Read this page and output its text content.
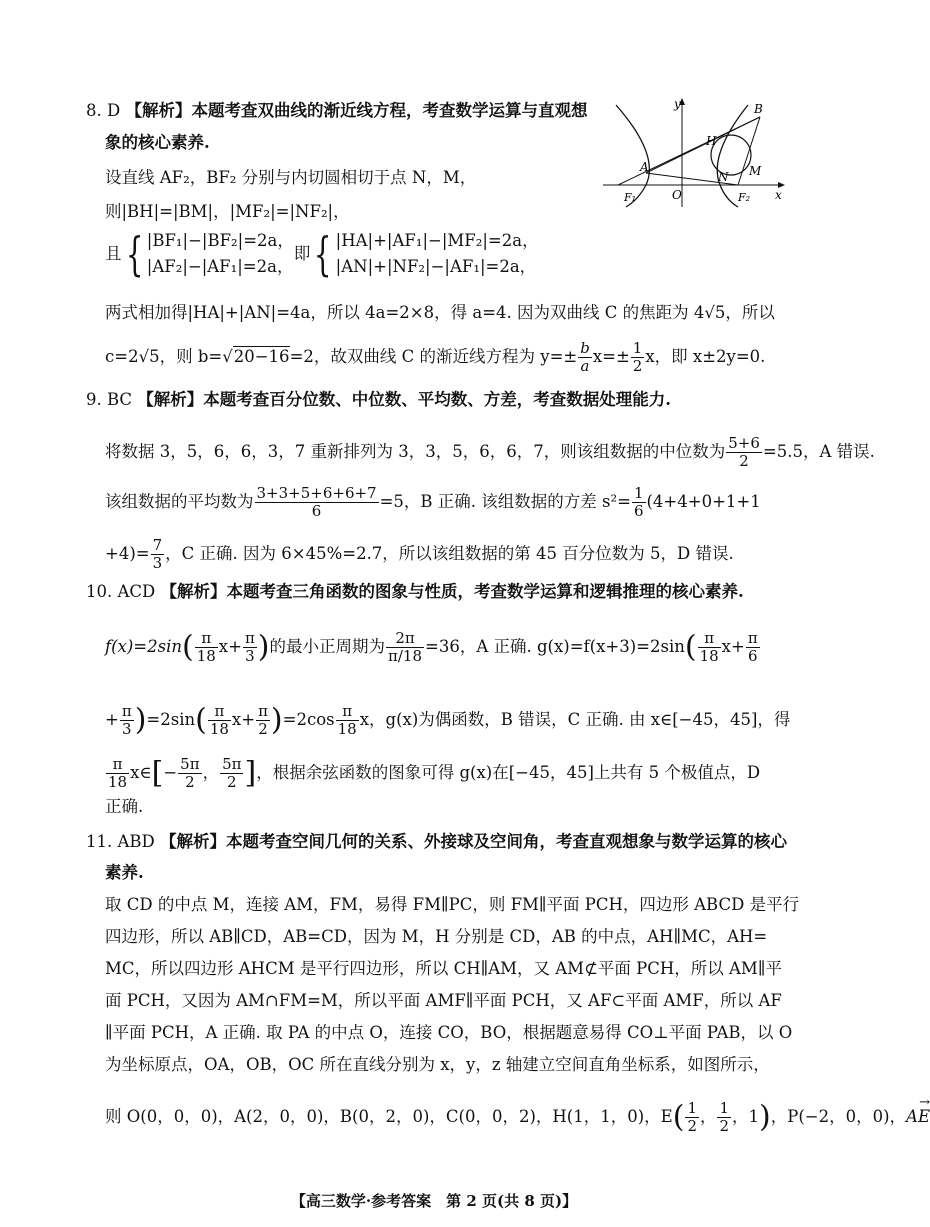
8. D 【解析】本题考查双曲线的渐近线方程，考查数学运算与直观想
象的核心素养.
设直线 AF₂，BF₂ 分别与内切圆相切于点 N，M，
则|BH|=|BM|，|MF₂|=|NF₂|，
且{ |BF₁|−|BF₂|=2a，
|AF₂|−|AF₁|=2a，
即{ |HA|+|AF₁|−|MF₂|=2a，
|AN|+|NF₂|−|AF₁|=2a，
两式相加得|HA|+|AN|=4a，所以 4a=2×8，得 a=4. 因为双曲线 C 的焦距为 4√5，所以
c=2√5，则 b=√20−16=2，故双曲线 C 的渐近线方程为 $y=\pm \frac{b}{a} x=\pm \frac{1}{2}$ x，即 x±2y=0.
y
x
O
A
B
H
M
N
F₁	F₂
9. BC 【解析】本题考查百分位数、中位数、平均数、方差，考查数据处理能力.
将数据 3，5，6，6，3，7 重新排列为 3，3，5，6，6，7，则该组数据的中位数为 $\frac{5+6}{2} =5.5$，A 错误.
该组数据的平均数为 $\frac{3+3+5+6+6+7}{6} =5$，B 正确. 该组数据的方差 $s^2= \frac{1}{6} (4+4+0+1+1$
$+4)= \frac{7}{3}$ ，C 正确. 因为 6×45%=2.7，所以该组数据的第 45 百分位数为 5，D 错误.
10. ACD 【解析】本题考查三角函数的图象与性质，考查数学运算和逻辑推理的核心素养.
$f(x)=2\sin( \frac{\pi}{18} x+ \frac{\pi}{3}$ )的最小正周期为 $\frac{2\pi}{\pi/18} =36$，A 正确. $g(x)=f(x+3)=2\sin( \frac{\pi}{18} x+ \frac{\pi}{6}$
+ $\frac{\pi}{3} )=2\sin( \frac{\pi}{18} x+ \frac{\pi}{2} )=2\cos \frac{\pi}{18}$ x，g(x)为偶函数，B 错误，C 正确. 由 x∈[−45，45]，得
$\frac{\pi}{18}$ x∈[− $\frac{5\pi}{2}$ ， $\frac{5\pi}{2}$ ]，根据余弦函数的图象可得 g(x)在[−45，45]上共有 5 个极值点，D
正确.
11. ABD 【解析】本题考查空间几何的关系、外接球及空间角，考查直观想象与数学运算的核心
素养.
取 CD 的中点 M，连接 AM，FM，易得 FM∥PC，则 FM∥平面 PCH，四边形 ABCD 是平行
四边形，所以 AB∥CD，AB=CD，因为 M，H 分别是 CD，AB 的中点，AH∥MC，AH=
MC，所以四边形 AHCM 是平行四边形，所以 CH∥AM，又 AM⊄平面 PCH，所以 AM∥平
面 PCH，又因为 AM∩FM=M，所以平面 AMF∥平面 PCH，又 AF⊂平面 AMF，所以 AF
∥平面 PCH，A 正确. 取 PA 的中点 O，连接 CO，BO，根据题意易得 CO⊥平面 PAB，以 O
为坐标原点，OA，OB，OC 所在直线分别为 x，y，z 轴建立空间直角坐标系，如图所示，
则 O(0，0，0)，A(2，0，0)，B(0，2，0)，C(0，0，2)，H(1，1，0)，$E( \frac{1}{2}$ ， $\frac{1}{2}$ ，1)，P(−2，0，0)，
→
AE
【高三数学·参考答案　第 2 页(共 8 页)】
